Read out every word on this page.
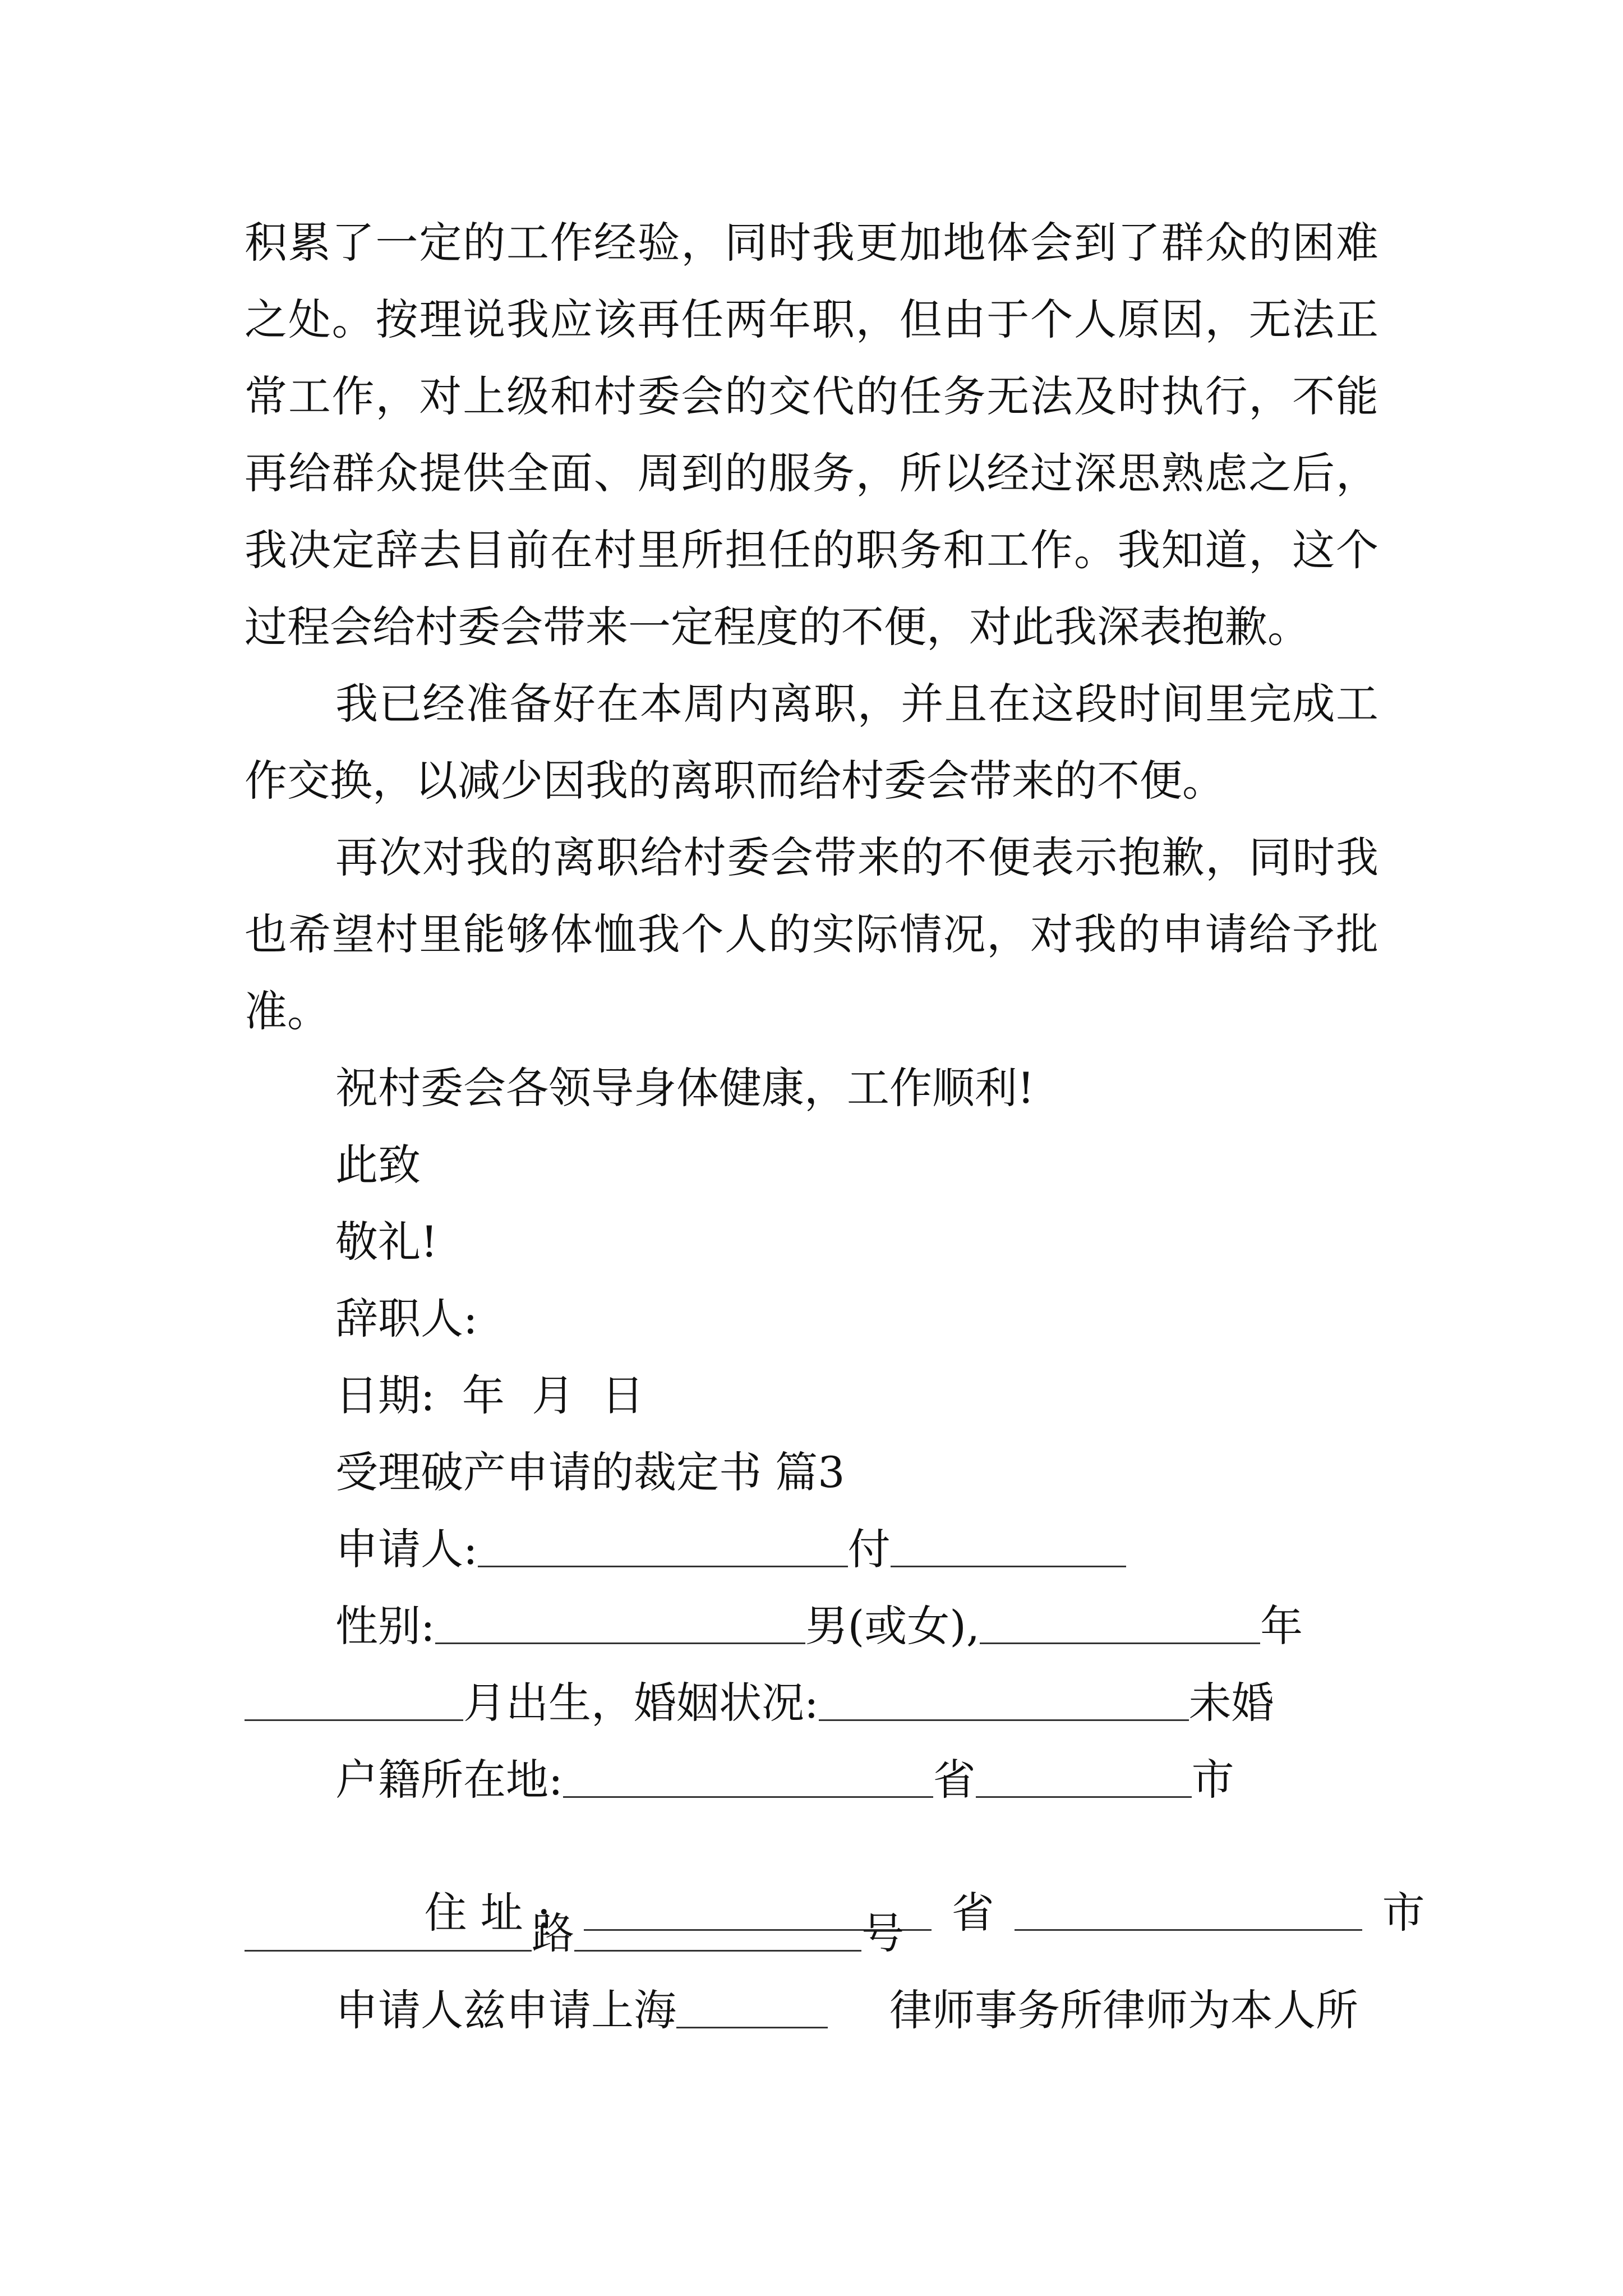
积累了一定的工作经验，同时我更加地体会到了群众的困难
之处。按理说我应该再任两年职，但由于个人原因，无法正
常工作，对上级和村委会的交代的任务无法及时执行，不能
再给群众提供全面、周到的服务，所以经过深思熟虑之后，
我决定辞去目前在村里所担任的职务和工作。我知道，这个
过程会给村委会带来一定程度的不便，对此我深表抱歉。
我已经准备好在本周内离职，并且在这段时间里完成工
作交换，以减少因我的离职而给村委会带来的不便。
再次对我的离职给村委会带来的不便表示抱歉，同时我
也希望村里能够体恤我个人的实际情况，对我的申请给予批
准。
祝村委会各领导身体健康，工作顺利!
此致
敬礼!
辞职人:
日期:  年  月  日
受理破产申请的裁定书 篇3
申请人:	付
性别:	男(或女),	年
月出生，婚姻状况:	未婚
户籍所在地:	省	市

住 址 :	省	市

路	号
申请人兹申请上海	律师事务所律师为本人所
